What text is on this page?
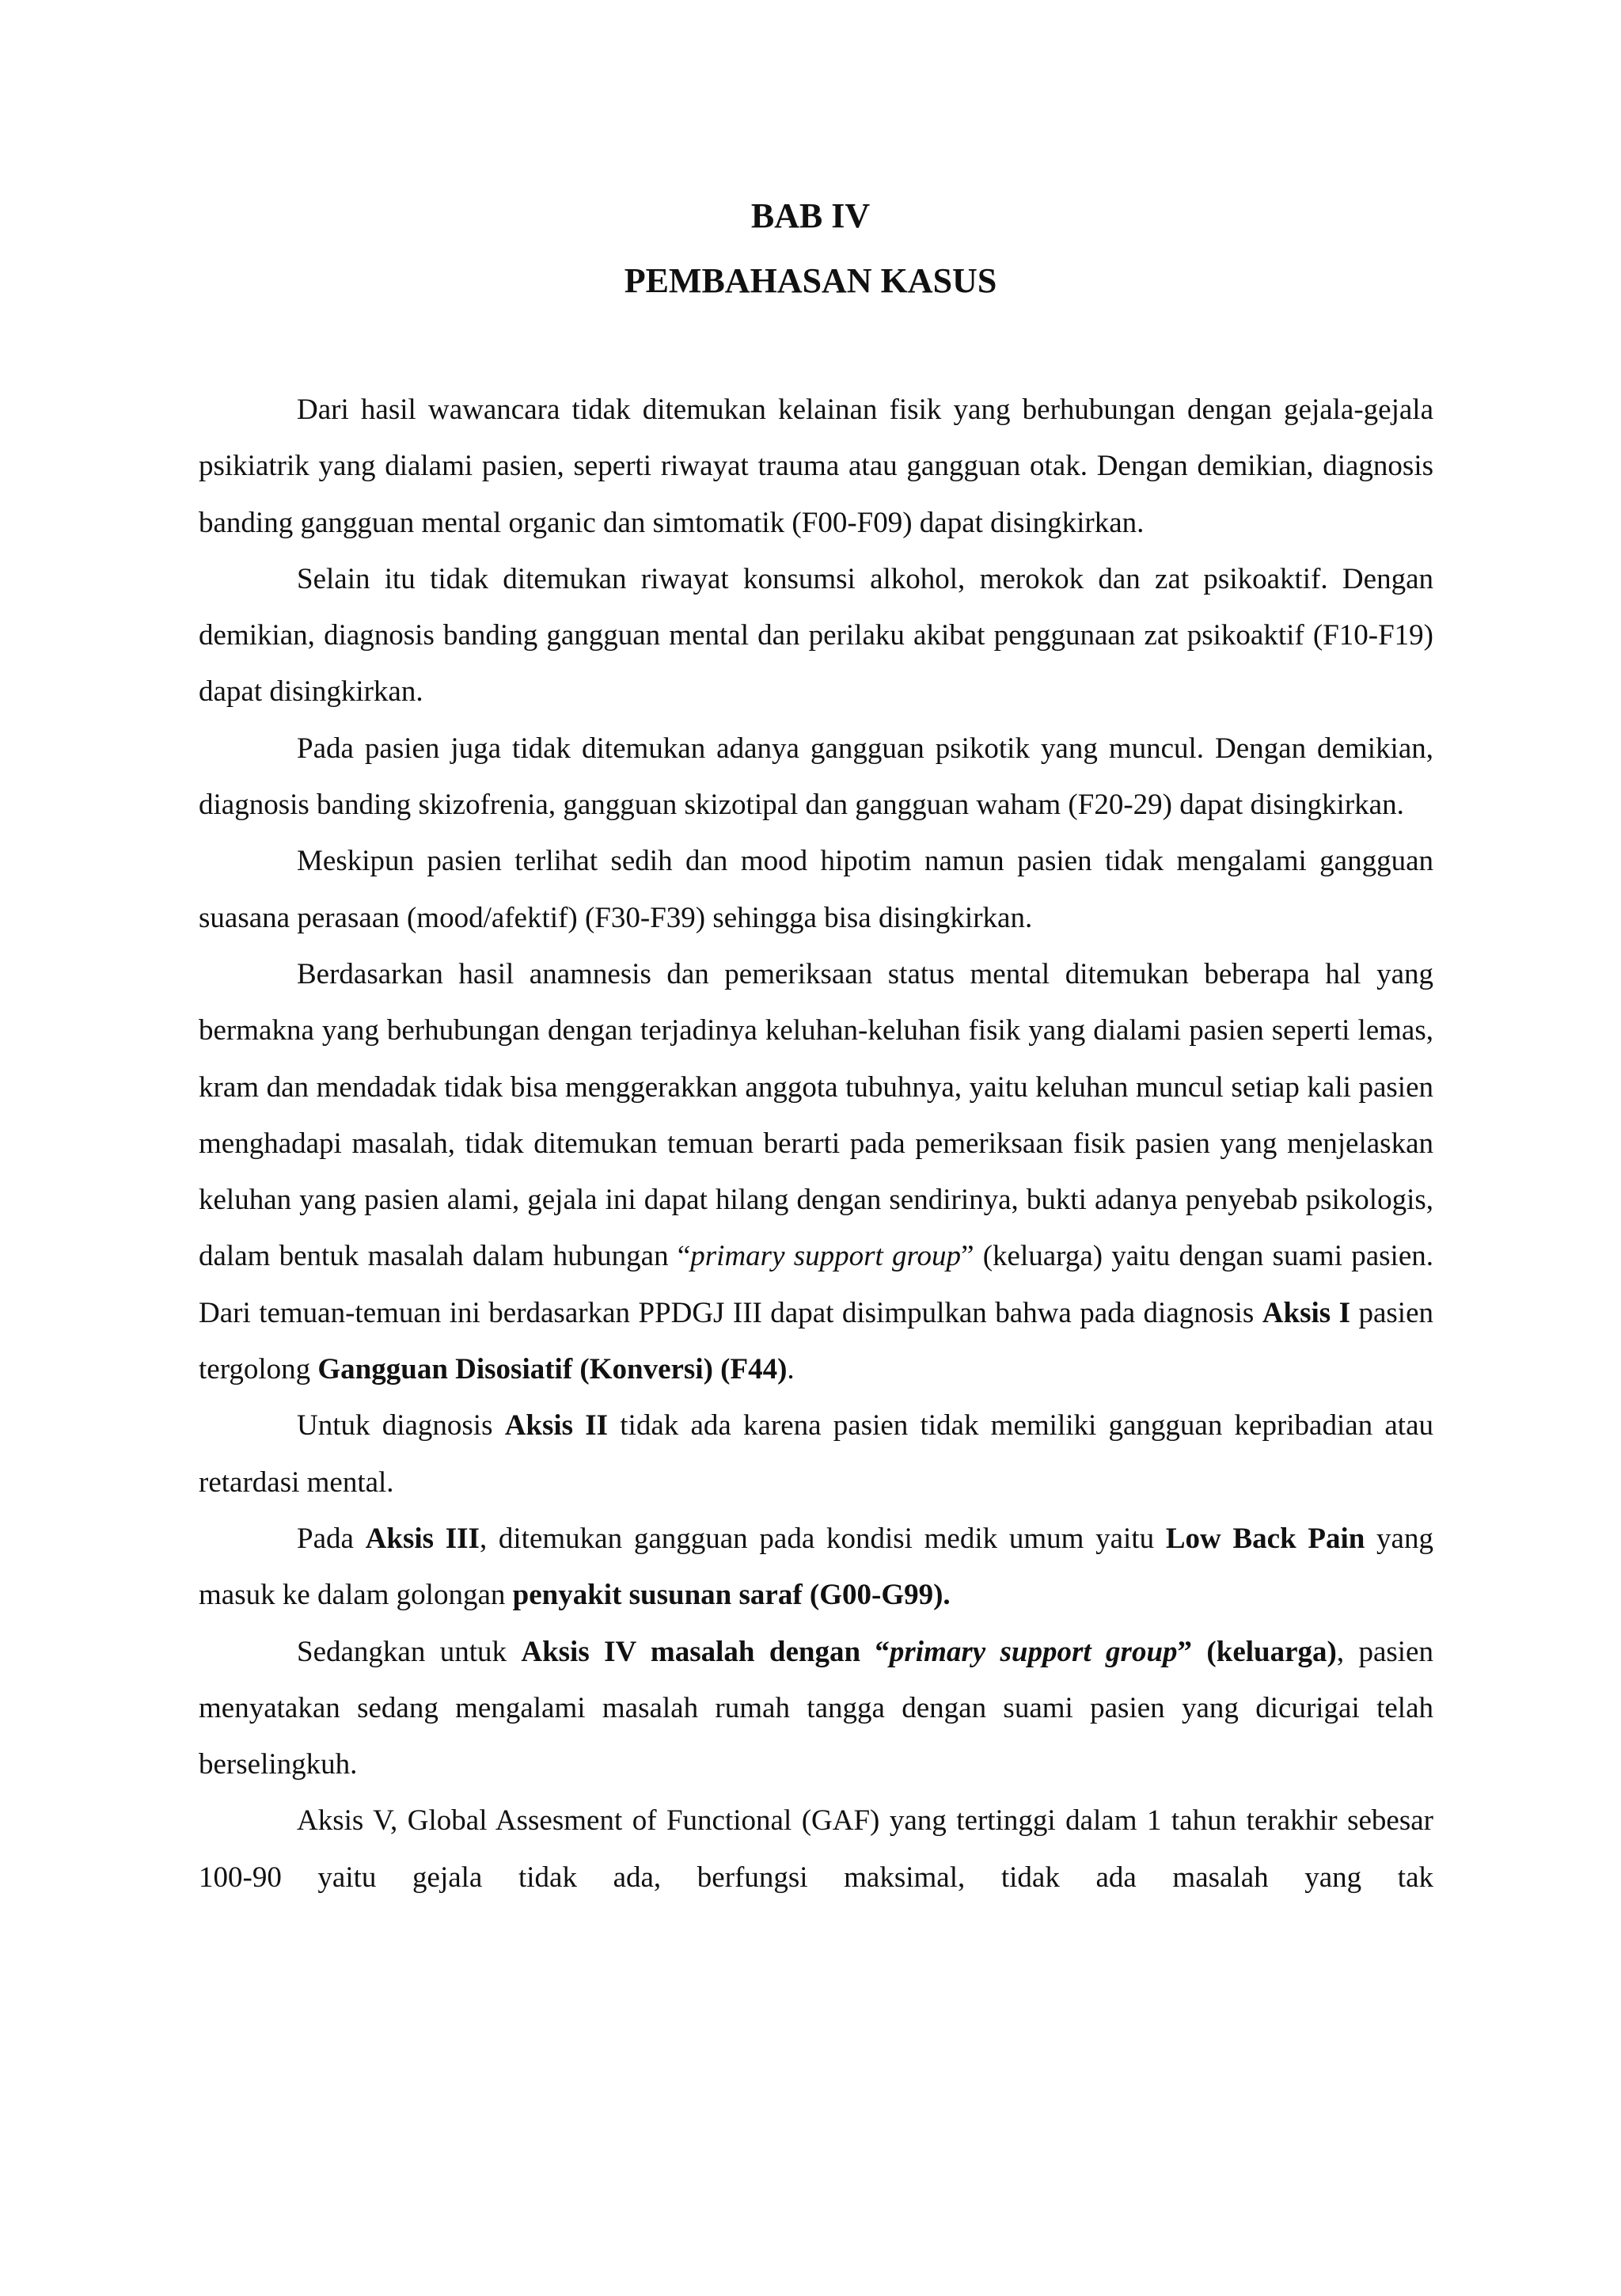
BAB IV
PEMBAHASAN KASUS

Dari hasil wawancara tidak ditemukan kelainan fisik yang berhubungan dengan gejala-gejala psikiatrik yang dialami pasien, seperti riwayat trauma atau gangguan otak. Dengan demikian, diagnosis banding gangguan mental organic dan simtomatik (F00-F09) dapat disingkirkan.

Selain itu tidak ditemukan riwayat konsumsi alkohol, merokok dan zat psikoaktif. Dengan demikian, diagnosis banding gangguan mental dan perilaku akibat penggunaan zat psikoaktif (F10-F19) dapat disingkirkan.

Pada pasien juga tidak ditemukan adanya gangguan psikotik yang muncul. Dengan demikian, diagnosis banding skizofrenia, gangguan skizotipal dan gangguan waham (F20-29) dapat disingkirkan.

Meskipun pasien terlihat sedih dan mood hipotim namun pasien tidak mengalami gangguan suasana perasaan (mood/afektif) (F30-F39) sehingga bisa disingkirkan.

Berdasarkan hasil anamnesis dan pemeriksaan status mental ditemukan beberapa hal yang bermakna yang berhubungan dengan terjadinya keluhan-keluhan fisik yang dialami pasien seperti lemas, kram dan mendadak tidak bisa menggerakkan anggota tubuhnya, yaitu keluhan muncul setiap kali pasien menghadapi masalah, tidak ditemukan temuan berarti pada pemeriksaan fisik pasien yang menjelaskan keluhan yang pasien alami, gejala ini dapat hilang dengan sendirinya, bukti adanya penyebab psikologis, dalam bentuk masalah dalam hubungan “primary support group” (keluarga) yaitu dengan suami pasien. Dari temuan-temuan ini berdasarkan PPDGJ III dapat disimpulkan bahwa pada diagnosis Aksis I pasien tergolong Gangguan Disosiatif (Konversi) (F44).

Untuk diagnosis Aksis II tidak ada karena pasien tidak memiliki gangguan kepribadian atau retardasi mental.

Pada Aksis III, ditemukan gangguan pada kondisi medik umum yaitu Low Back Pain yang masuk ke dalam golongan penyakit susunan saraf (G00-G99).

Sedangkan untuk Aksis IV masalah dengan “primary support group” (keluarga), pasien menyatakan sedang mengalami masalah rumah tangga dengan suami pasien yang dicurigai telah berselingkuh.

Aksis V, Global Assesment of Functional (GAF) yang tertinggi dalam 1 tahun terakhir sebesar 100-90 yaitu gejala tidak ada, berfungsi maksimal, tidak ada masalah yang tak
